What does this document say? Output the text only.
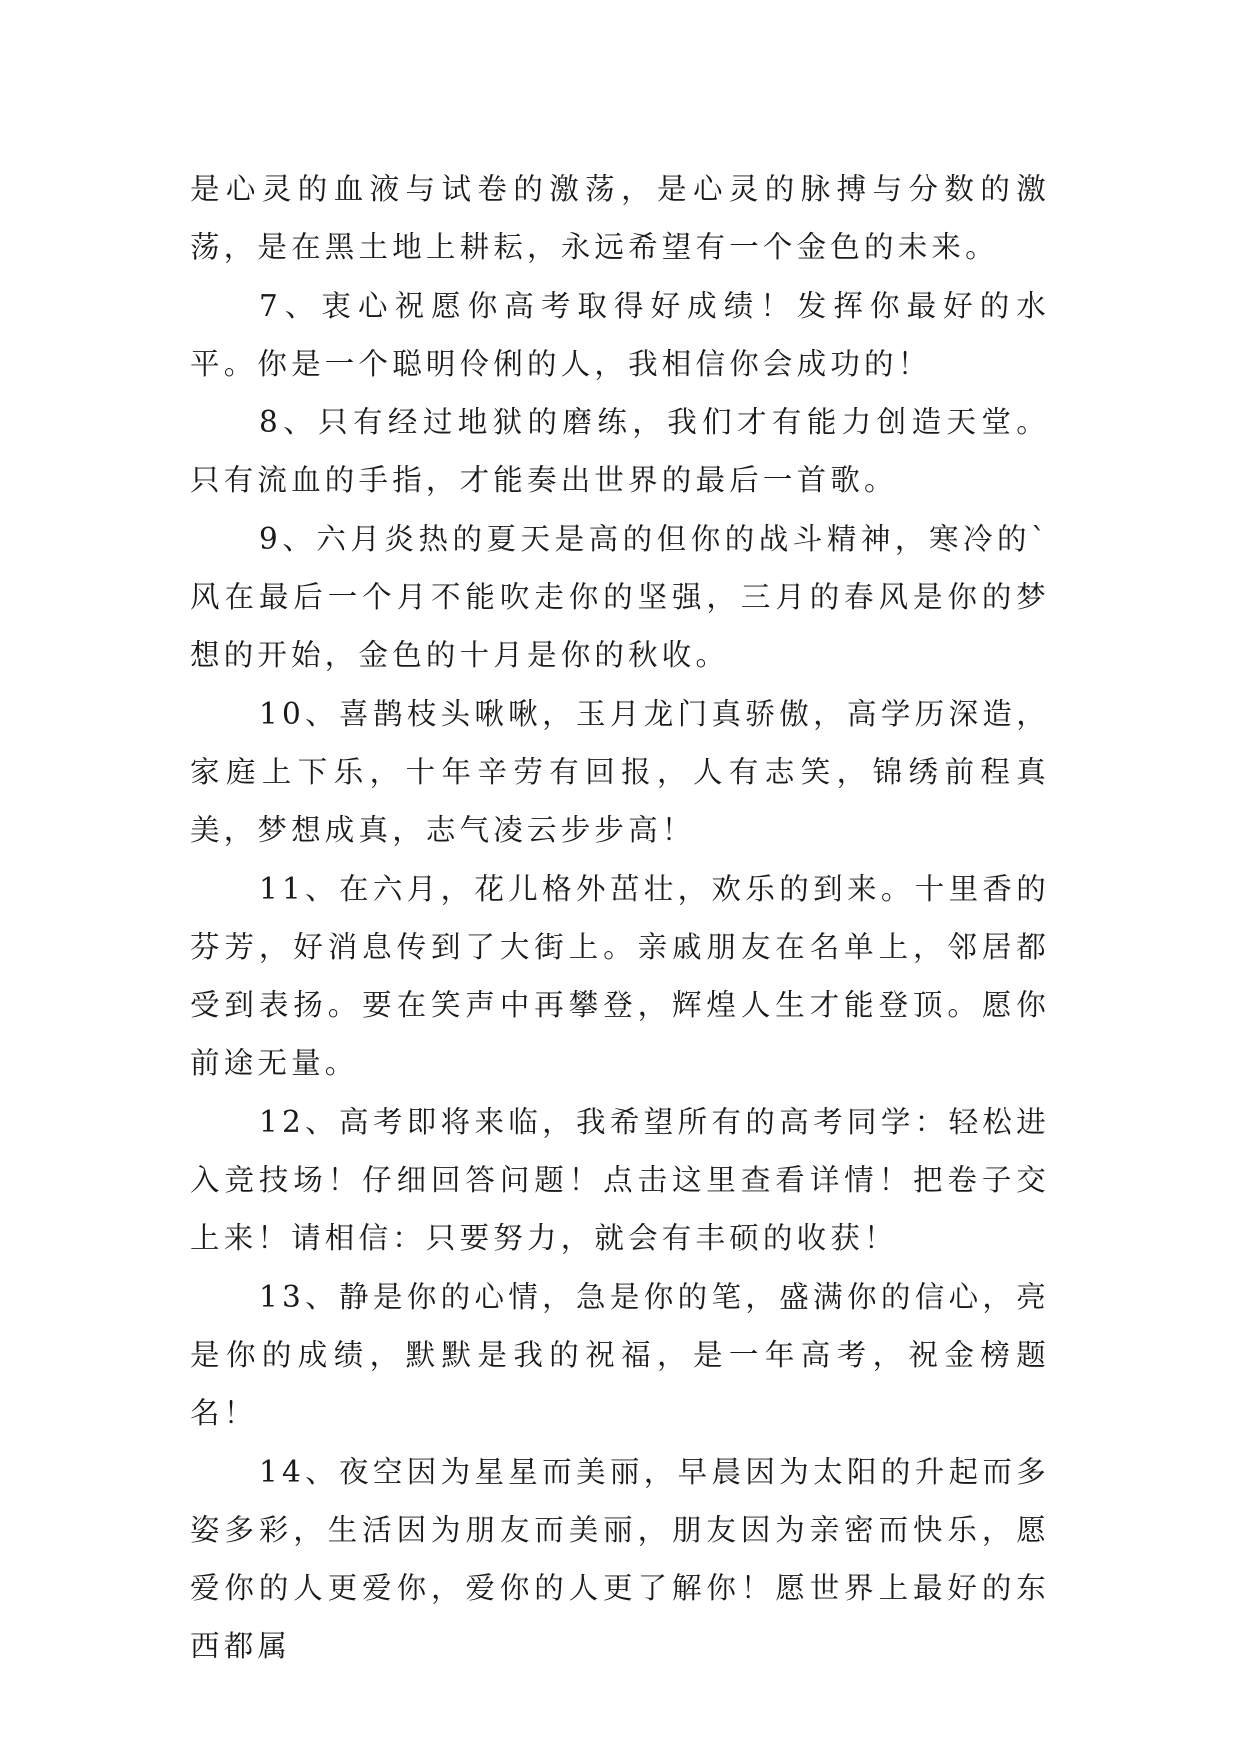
是心灵的血液与试卷的激荡，是心灵的脉搏与分数的激荡，是在黑土地上耕耘，永远希望有一个金色的未来。
7、衷心祝愿你高考取得好成绩！发挥你最好的水平。你是一个聪明伶俐的人，我相信你会成功的！
8、只有经过地狱的磨练，我们才有能力创造天堂。只有流血的手指，才能奏出世界的最后一首歌。
9、六月炎热的夏天是高的但你的战斗精神，寒冷的`风在最后一个月不能吹走你的坚强，三月的春风是你的梦想的开始，金色的十月是你的秋收。
10、喜鹊枝头啾啾，玉月龙门真骄傲，高学历深造，家庭上下乐，十年辛劳有回报，人有志笑，锦绣前程真美，梦想成真，志气凌云步步高！
11、在六月，花儿格外茁壮，欢乐的到来。十里香的芬芳，好消息传到了大街上。亲戚朋友在名单上，邻居都受到表扬。要在笑声中再攀登，辉煌人生才能登顶。愿你前途无量。
12、高考即将来临，我希望所有的高考同学：轻松进入竞技场！仔细回答问题！点击这里查看详情！把卷子交上来！请相信：只要努力，就会有丰硕的收获！
13、静是你的心情，急是你的笔，盛满你的信心，亮是你的成绩，默默是我的祝福，是一年高考，祝金榜题名！
14、夜空因为星星而美丽，早晨因为太阳的升起而多姿多彩，生活因为朋友而美丽，朋友因为亲密而快乐，愿爱你的人更爱你，爱你的人更了解你！愿世界上最好的东西都属
